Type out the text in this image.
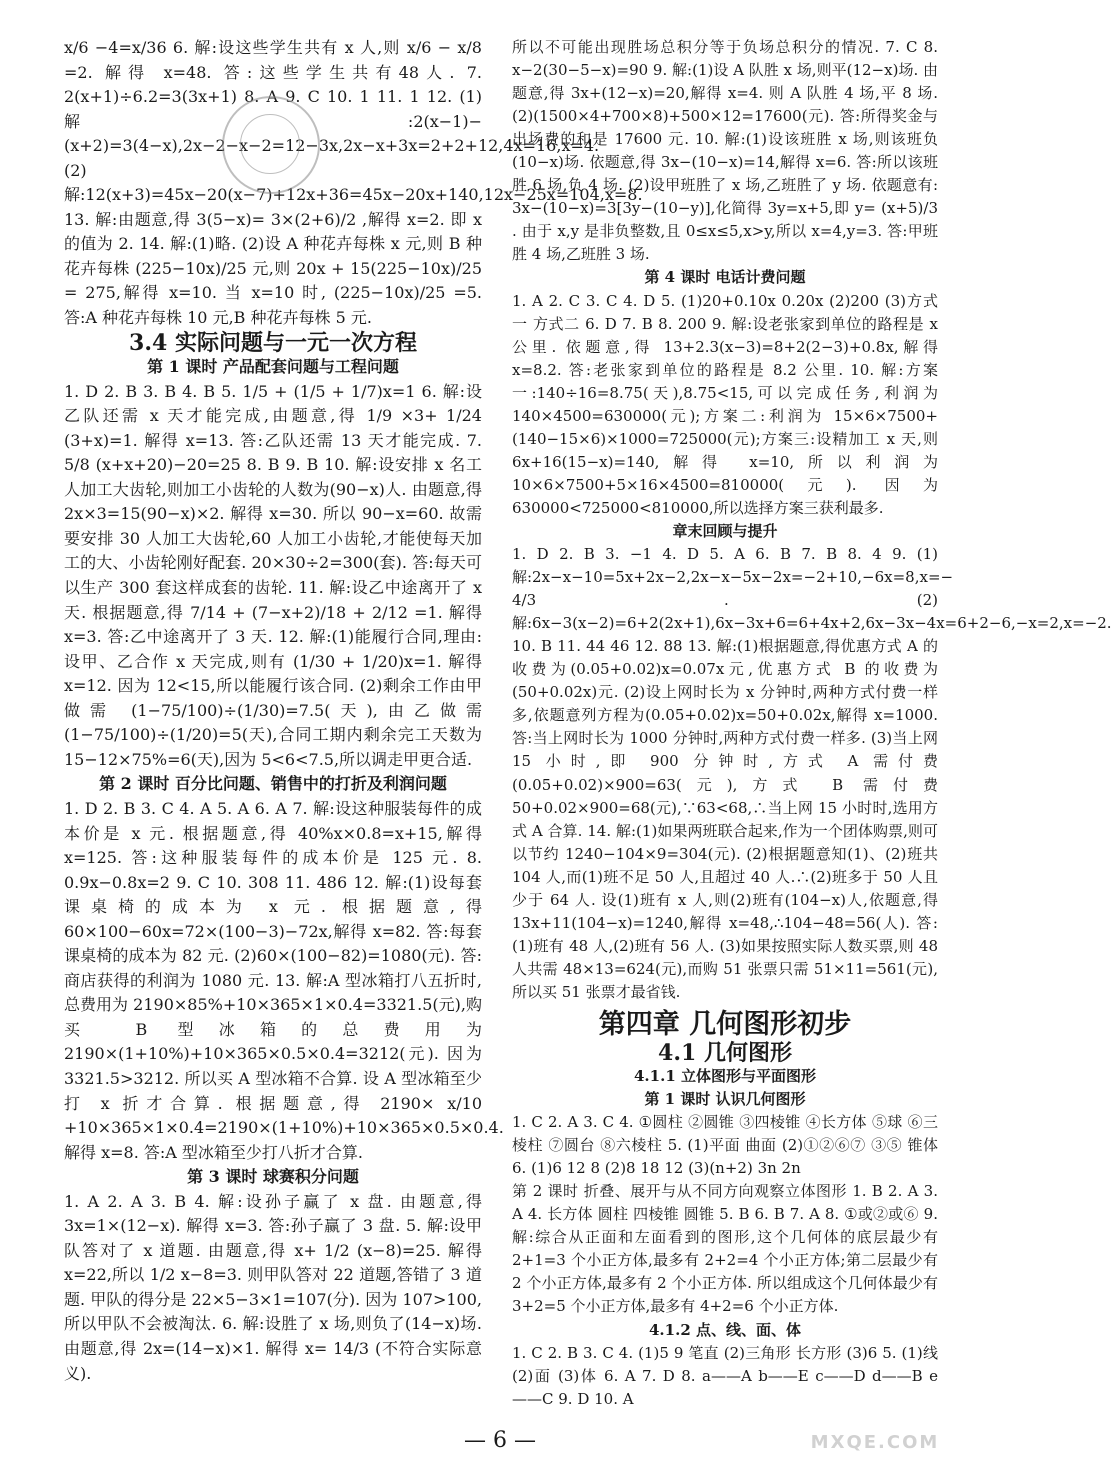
x/6 −4=x/36 6. 解:设这些学生共有 x 人,则 x/6 − x/8 =2. 解得 x=48. 答:这些学生共有48人. 7. 2(x+1)÷6.2=3(3x+1) 8. A 9. C 10. 1 11. 1 12. (1)解:2(x−1)−(x+2)=3(4−x),2x−2−x−2=12−3x,2x−x+3x=2+2+12,4x=16,x=4. (2)解:12(x+3)=45x−20(x−7)+12x+36=45x−20x+140,12x−25x=104,x=8.

13. 解:由题意,得 3(5−x)= 3×(2+6)/2 ,解得 x=2. 即 x 的值为 2. 14. 解:(1)略. (2)设 A 种花卉每株 x 元,则 B 种花卉每株 (225−10x)/25 元,则 20x + 15(225−10x)/25 = 275,解得 x=10. 当 x=10 时, (225−10x)/25 =5. 答:A 种花卉每株 10 元,B 种花卉每株 5 元.

3.4 实际问题与一元一次方程

第 1 课时 产品配套问题与工程问题

1. D 2. B 3. B 4. B 5. 1/5 + (1/5 + 1/7)x=1 6. 解:设乙队还需 x 天才能完成,由题意,得 1/9 ×3+ 1/24 (3+x)=1. 解得 x=13. 答:乙队还需 13 天才能完成. 7. 5/8 (x+x+20)−20=25 8. B 9. B 10. 解:设安排 x 名工人加工大齿轮,则加工小齿轮的人数为(90−x)人. 由题意,得 2x×3=15(90−x)×2. 解得 x=30. 所以 90−x=60. 故需要安排 30 人加工大齿轮,60 人加工小齿轮,才能使每天加工的大、小齿轮刚好配套. 20×30÷2=300(套). 答:每天可以生产 300 套这样成套的齿轮. 11. 解:设乙中途离开了 x 天. 根据题意,得 7/14 + (7−x+2)/18 + 2/12 =1. 解得 x=3. 答:乙中途离开了 3 天. 12. 解:(1)能履行合同,理由:设甲、乙合作 x 天完成,则有 (1/30 + 1/20)x=1. 解得 x=12. 因为 12<15,所以能履行该合同. (2)剩余工作由甲做需 (1−75/100)÷(1/30)=7.5(天),由乙做需 (1−75/100)÷(1/20)=5(天),合同工期内剩余完工天数为 15−12×75%=6(天),因为 5<6<7.5,所以调走甲更合适.

第 2 课时 百分比问题、销售中的打折及利润问题

1. D 2. B 3. C 4. A 5. A 6. A 7. 解:设这种服装每件的成本价是 x 元. 根据题意,得 40%x×0.8=x+15,解得 x=125. 答:这种服装每件的成本价是 125 元. 8. 0.9x−0.8x=2 9. C 10. 308 11. 486 12. 解:(1)设每套课桌椅的成本为 x 元. 根据题意,得 60×100−60x=72×(100−3)−72x,解得 x=82. 答:每套课桌椅的成本为 82 元. (2)60×(100−82)=1080(元). 答:商店获得的利润为 1080 元. 13. 解:A 型冰箱打八五折时,总费用为 2190×85%+10×365×1×0.4=3321.5(元),购买 B 型冰箱的总费用为 2190×(1+10%)+10×365×0.5×0.4=3212(元). 因为 3321.5>3212. 所以买 A 型冰箱不合算. 设 A 型冰箱至少打 x 折才合算. 根据题意,得 2190× x/10 +10×365×1×0.4=2190×(1+10%)+10×365×0.5×0.4. 解得 x=8. 答:A 型冰箱至少打八折才合算.

第 3 课时 球赛积分问题

1. A 2. A 3. B 4. 解:设孙子赢了 x 盘. 由题意,得 3x=1×(12−x). 解得 x=3. 答:孙子赢了 3 盘. 5. 解:设甲队答对了 x 道题. 由题意,得 x+ 1/2 (x−8)=25. 解得 x=22,所以 1/2 x−8=3. 则甲队答对 22 道题,答错了 3 道题. 甲队的得分是 22×5−3×1=107(分). 因为 107>100,所以甲队不会被淘汰. 6. 解:设胜了 x 场,则负了(14−x)场. 由题意,得 2x=(14−x)×1. 解得 x= 14/3 (不符合实际意义).

所以不可能出现胜场总积分等于负场总积分的情况. 7. C 8. x−2(30−5−x)=90 9. 解:(1)设 A 队胜 x 场,则平(12−x)场. 由题意,得 3x+(12−x)=20,解得 x=4. 则 A 队胜 4 场,平 8 场. (2)(1500×4+700×8)+500×12=17600(元). 答:所得奖金与出场费的和是 17600 元. 10. 解:(1)设该班胜 x 场,则该班负(10−x)场. 依题意,得 3x−(10−x)=14,解得 x=6. 答:所以该班胜 6 场,负 4 场. (2)设甲班胜了 x 场,乙班胜了 y 场. 依题意有: 3x−(10−x)=3[3y−(10−y)],化简得 3y=x+5,即 y= (x+5)/3 . 由于 x,y 是非负整数,且 0≤x≤5,x>y,所以 x=4,y=3. 答:甲班胜 4 场,乙班胜 3 场.

第 4 课时 电话计费问题

1. A 2. C 3. C 4. D 5. (1)20+0.10x 0.20x (2)200 (3)方式一 方式二 6. D 7. B 8. 200 9. 解:设老张家到单位的路程是 x 公里. 依题意,得 13+2.3(x−3)=8+2(2−3)+0.8x,解得 x=8.2. 答:老张家到单位的路程是 8.2 公里. 10. 解:方案一:140÷16=8.75(天),8.75<15,可以完成任务,利润为 140×4500=630000(元);方案二:利润为 15×6×7500+(140−15×6)×1000=725000(元);方案三:设精加工 x 天,则 6x+16(15−x)=140,解得 x=10,所以利润为 10×6×7500+5×16×4500=810000(元). 因为 630000<725000<810000,所以选择方案三获利最多.

章末回顾与提升

1. D 2. B 3. −1 4. D 5. A 6. B 7. B 8. 4 9. (1)解:2x−x−10=5x+2x−2,2x−x−5x−2x=−2+10,−6x=8,x=− 4/3 . (2)解:6x−3(x−2)=6+2(2x+1),6x−3x+6=6+4x+2,6x−3x−4x=6+2−6,−x=2,x=−2. 10. B 11. 44 46 12. 88 13. 解:(1)根据题意,得优惠方式 A 的收费为(0.05+0.02)x=0.07x元,优惠方式 B 的收费为(50+0.02x)元. (2)设上网时长为 x 分钟时,两种方式付费一样多,依题意列方程为(0.05+0.02)x=50+0.02x,解得 x=1000. 答:当上网时长为 1000 分钟时,两种方式付费一样多. (3)当上网 15 小时,即 900 分钟时,方式 A 需付费(0.05+0.02)×900=63(元),方式 B 需付费 50+0.02×900=68(元),∵63<68,∴当上网 15 小时时,选用方式 A 合算. 14. 解:(1)如果两班联合起来,作为一个团体购票,则可以节约 1240−104×9=304(元). (2)根据题意知(1)、(2)班共 104 人,而(1)班不足 50 人,且超过 40 人.∴(2)班多于 50 人且少于 64 人. 设(1)班有 x 人,则(2)班有(104−x)人,依题意,得 13x+11(104−x)=1240,解得 x=48,∴104−48=56(人). 答:(1)班有 48 人,(2)班有 56 人. (3)如果按照实际人数买票,则 48 人共需 48×13=624(元),而购 51 张票只需 51×11=561(元),所以买 51 张票才最省钱.

第四章 几何图形初步

4.1 几何图形

4.1.1 立体图形与平面图形

第 1 课时 认识几何图形

1. C 2. A 3. C 4. ①圆柱 ②圆锥 ③四棱锥 ④长方体 ⑤球 ⑥三棱柱 ⑦圆台 ⑧六棱柱 5. (1)平面 曲面 (2)①②⑥⑦ ③⑤ 锥体 6. (1)6 12 8 (2)8 18 12 (3)(n+2) 3n 2n

第 2 课时 折叠、展开与从不同方向观察立体图形 1. B 2. A 3. A 4. 长方体 圆柱 四棱锥 圆锥 5. B 6. B 7. A 8. ①或②或⑥ 9. 解:综合从正面和左面看到的图形,这个几何体的底层最少有 2+1=3 个小正方体,最多有 2+2=4 个小正方体;第二层最少有 2 个小正方体,最多有 2 个小正方体. 所以组成这个几何体最少有 3+2=5 个小正方体,最多有 4+2=6 个小正方体.

4.1.2 点、线、面、体

1. C 2. B 3. C 4. (1)5 9 笔直 (2)三角形 长方形 (3)6 5. (1)线 (2)面 (3)体 6. A 7. D 8. a——A b——E c——D d——B e——C 9. D 10. A

— 6 —	MXQE.COM
